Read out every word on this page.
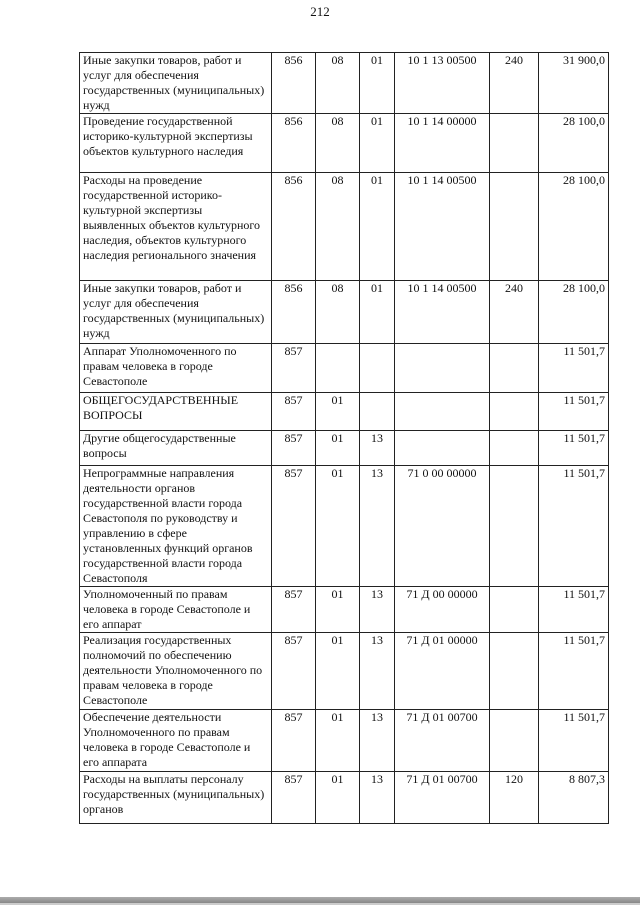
212
Иные закупки товаров, работ и услуг для обеспечения государственных (муниципальных) нужд	856	08	01	10 1 13 00500	240	31 900,0
Проведение государственной историко-культурной экспертизы объектов культурного наследия	856	08	01	10 1 14 00000		28 100,0
Расходы на проведение государственной историко-культурной экспертизы выявленных объектов культурного наследия, объектов культурного наследия регионального значения	856	08	01	10 1 14 00500		28 100,0
Иные закупки товаров, работ и услуг для обеспечения государственных (муниципальных) нужд	856	08	01	10 1 14 00500	240	28 100,0
Аппарат Уполномоченного по правам человека в городе Севастополе	857					11 501,7
ОБЩЕГОСУДАРСТВЕННЫЕ ВОПРОСЫ	857	01				11 501,7
Другие общегосударственные вопросы	857	01	13			11 501,7
Непрограммные направления деятельности органов государственной власти города Севастополя по руководству и управлению в сфере установленных функций органов государственной власти города Севастополя	857	01	13	71 0 00 00000		11 501,7
Уполномоченный по правам человека в городе Севастополе и его аппарат	857	01	13	71 Д 00 00000		11 501,7
Реализация государственных полномочий по обеспечению деятельности Уполномоченного по правам человека в городе Севастополе	857	01	13	71 Д 01 00000		11 501,7
Обеспечение деятельности Уполномоченного по правам человека в городе Севастополе и его аппарата	857	01	13	71 Д 01 00700		11 501,7
Расходы на выплаты персоналу государственных (муниципальных) органов	857	01	13	71 Д 01 00700	120	8 807,3
